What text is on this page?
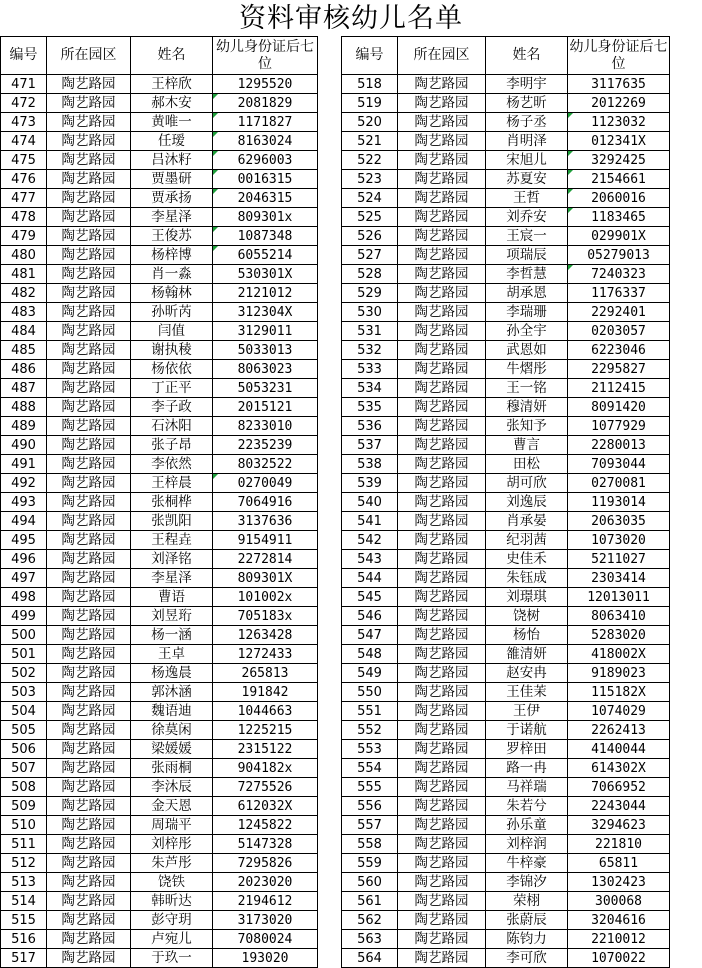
资料审核幼儿名单
编号	所在园区	姓名	幼儿身份证后七位		编号	所在园区	姓名	幼儿身份证后七位
471	陶艺路园	王梓欣	1295520		518	陶艺路园	李明宇	3117635
472	陶艺路园	郝木安	2081829		519	陶艺路园	杨艺昕	2012269
473	陶艺路园	黄唯一	1171827		520	陶艺路园	杨子丞	1123032

474	陶艺路园	任瑷	8163024		521	陶艺路园	肖明泽	012341X
475	陶艺路园	吕沐籽	6296003		522	陶艺路园	宋旭儿	3292425

476	陶艺路园	贾墨研	0016315		523	陶艺路园	苏夏安	2154661

477	陶艺路园	贾承扬	2046315		524	陶艺路园	王哲	2060016

478	陶艺路园	李星泽	809301x		525	陶艺路园	刘乔安	1183465

479	陶艺路园	王俊苏	1087348		526	陶艺路园	王宸一	029901X
480	陶艺路园	杨梓博	6055214		527	陶艺路园	项瑞辰	05279013
481	陶艺路园	肖一淼	530301X		528	陶艺路园	李哲慧	7240323

482	陶艺路园	杨翰林	2121012		529	陶艺路园	胡承恩	1176337
483	陶艺路园	孙昕芮	312304X		530	陶艺路园	李瑞珊	2292401
484	陶艺路园	闫值	3129011		531	陶艺路园	孙全宇	0203057
485	陶艺路园	谢执稜	5033013		532	陶艺路园	武恩如	6223046
486	陶艺路园	杨依依	8063023		533	陶艺路园	牛熠彤	2295827
487	陶艺路园	丁正平	5053231		534	陶艺路园	王一铭	2112415
488	陶艺路园	李子政	2015121		535	陶艺路园	穆清妍	8091420
489	陶艺路园	石沐阳	8233010		536	陶艺路园	张知予	1077929
490	陶艺路园	张子昂	2235239		537	陶艺路园	曹言	2280013
491	陶艺路园	李依然	8032522		538	陶艺路园	田松	7093044
492	陶艺路园	王梓晨	0270049		539	陶艺路园	胡可欣	0270081
493	陶艺路园	张桐桦	7064916		540	陶艺路园	刘逸辰	1193014
494	陶艺路园	张凯阳	3137636		541	陶艺路园	肖承晏	2063035
495	陶艺路园	王程垚	9154911		542	陶艺路园	纪羽茜	1073020
496	陶艺路园	刘泽铭	2272814		543	陶艺路园	史佳禾	5211027
497	陶艺路园	李星泽	809301X		544	陶艺路园	朱钰成	2303414
498	陶艺路园	曹语	101002x		545	陶艺路园	刘璟琪	12013011
499	陶艺路园	刘昱珩	705183x		546	陶艺路园	饶树	8063410
500	陶艺路园	杨一涵	1263428		547	陶艺路园	杨怡	5283020
501	陶艺路园	王卓	1272433		548	陶艺路园	雒清妍	418002X
502	陶艺路园	杨逸晨	265813		549	陶艺路园	赵安冉	9189023
503	陶艺路园	郭沐涵	191842		550	陶艺路园	王佳茉	115182X
504	陶艺路园	魏语迪	1044663		551	陶艺路园	王伊	1074029
505	陶艺路园	徐莫闲	1225215		552	陶艺路园	于诺航	2262413
506	陶艺路园	梁媛媛	2315122		553	陶艺路园	罗梓田	4140044
507	陶艺路园	张雨桐	904182x		554	陶艺路园	路一冉	614302X
508	陶艺路园	李沐辰	7275526		555	陶艺路园	马祥瑞	7066952
509	陶艺路园	金天恩	612032X		556	陶艺路园	朱若兮	2243044
510	陶艺路园	周瑞平	1245822		557	陶艺路园	孙乐童	3294623
511	陶艺路园	刘梓彤	5147328		558	陶艺路园	刘梓润	221810
512	陶艺路园	朱芦彤	7295826		559	陶艺路园	牛梓豪	65811
513	陶艺路园	饶铁	2023020		560	陶艺路园	李锦汐	1302423
514	陶艺路园	韩昕达	2194612		561	陶艺路园	荣栩	300068
515	陶艺路园	彭守玥	3173020		562	陶艺路园	张蔚辰	3204616
516	陶艺路园	卢宛儿	7080024		563	陶艺路园	陈钧力	2210012
517	陶艺路园	于玖一	193020		564	陶艺路园	李可欣	1070022
